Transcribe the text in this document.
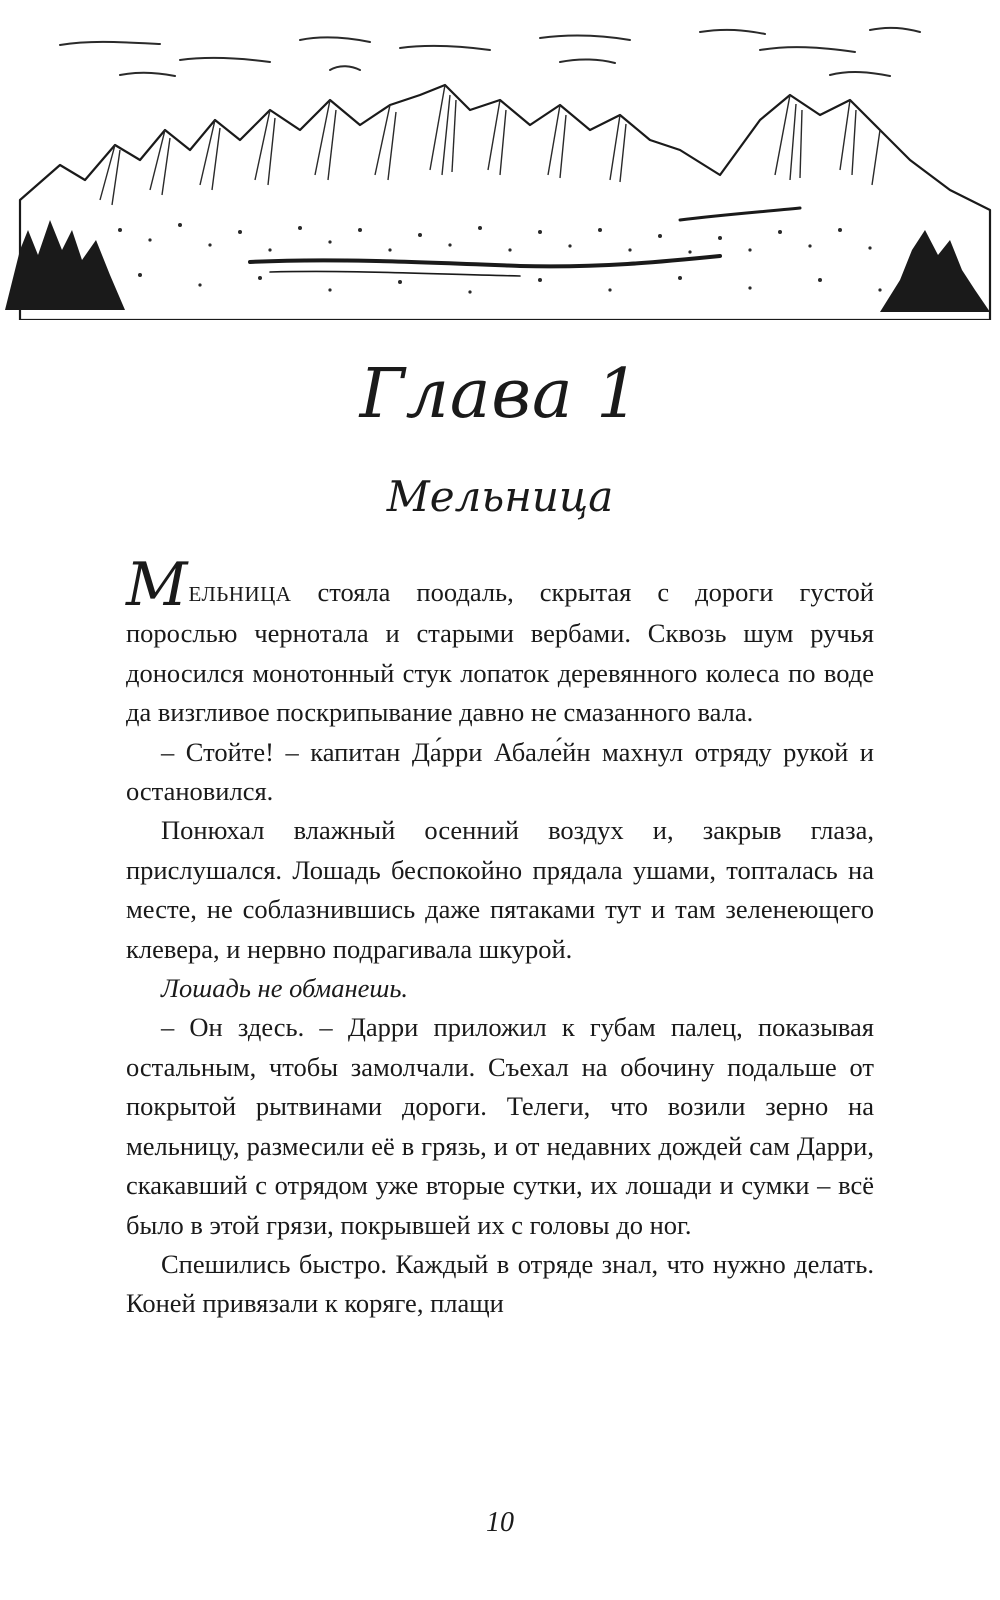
Глава 1
Мельница

МЕЛЬНИЦА стояла поодаль, скрытая с дороги густой порослью чернотала и старыми вербами. Сквозь шум ручья доносился монотонный стук лопаток деревянного колеса по воде да визгливое поскрипывание давно не смазанного вала.

– Стойте! – капитан Да́рри Абале́йн махнул отряду рукой и остановился.

Понюхал влажный осенний воздух и, закрыв глаза, прислушался. Лошадь беспокойно прядала ушами, топталась на месте, не соблазнившись даже пятаками тут и там зеленеющего клевера, и нервно подрагивала шкурой.

Лошадь не обманешь.

– Он здесь. – Дарри приложил к губам палец, показывая остальным, чтобы замолчали. Съехал на обочину подальше от покрытой рытвинами дороги. Телеги, что возили зерно на мельницу, размесили её в грязь, и от недавних дождей сам Дарри, скакавший с отрядом уже вторые сутки, их лошади и сумки – всё было в этой грязи, покрывшей их с головы до ног.

Спешились быстро. Каждый в отряде знал, что нужно делать. Коней привязали к коряге, плащи

10
